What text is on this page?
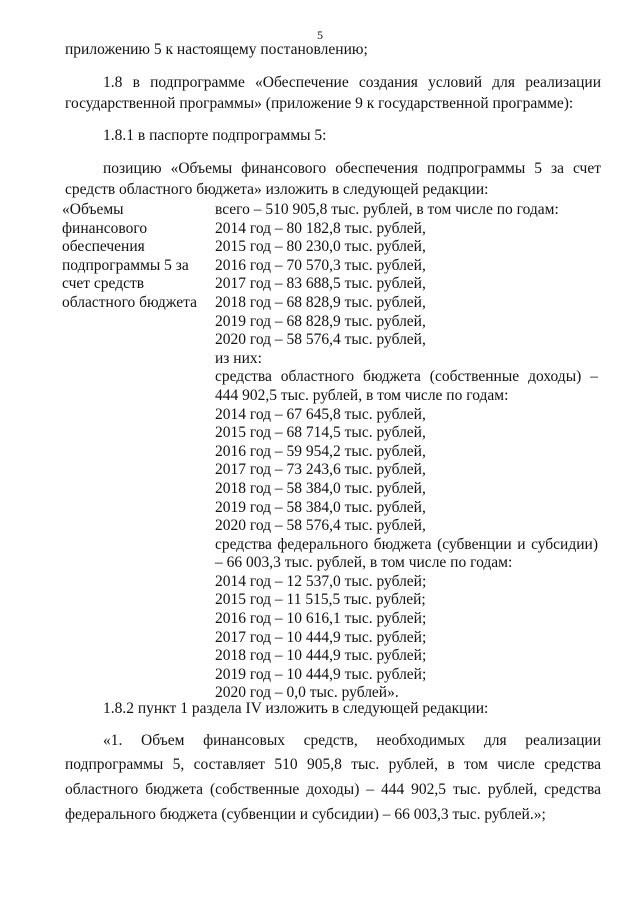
5
приложению 5 к настоящему постановлению;
1.8 в подпрограмме «Обеспечение создания условий для реализации
государственной программы» (приложение 9 к государственной программе):
1.8.1 в паспорте подпрограммы 5:
позицию «Объемы финансового обеспечения подпрограммы 5 за счет
средств областного бюджета» изложить в следующей редакции:
«Объемы
финансового
обеспечения
подпрограммы 5 за
счет средств
областного бюджета
всего – 510 905,8 тыс. рублей, в том числе по годам:
2014 год – 80 182,8 тыс. рублей,
2015 год – 80 230,0 тыс. рублей,
2016 год – 70 570,3 тыс. рублей,
2017 год – 83 688,5 тыс. рублей,
2018 год – 68 828,9 тыс. рублей,
2019 год – 68 828,9 тыс. рублей,
2020 год – 58 576,4 тыс. рублей,
из них:
средства областного бюджета (собственные доходы) –
444 902,5 тыс. рублей, в том числе по годам:
2014 год – 67 645,8 тыс. рублей,
2015 год – 68 714,5 тыс. рублей,
2016 год – 59 954,2 тыс. рублей,
2017 год – 73 243,6 тыс. рублей,
2018 год – 58 384,0 тыс. рублей,
2019 год – 58 384,0 тыс. рублей,
2020 год – 58 576,4 тыс. рублей,
средства федерального бюджета (субвенции и субсидии)
– 66 003,3 тыс. рублей, в том числе по годам:
2014 год – 12 537,0 тыс. рублей;
2015 год – 11 515,5 тыс. рублей;
2016 год – 10 616,1 тыс. рублей;
2017 год – 10 444,9 тыс. рублей;
2018 год – 10 444,9 тыс. рублей;
2019 год – 10 444,9 тыс. рублей;
2020 год – 0,0 тыс. рублей».
1.8.2 пункт 1 раздела IV изложить в следующей редакции:
«1. Объем финансовых средств, необходимых для реализации
подпрограммы 5, составляет 510 905,8 тыс. рублей, в том числе средства
областного бюджета (собственные доходы) – 444 902,5 тыс. рублей, средства
федерального бюджета (субвенции и субсидии) – 66 003,3 тыс. рублей.»;
